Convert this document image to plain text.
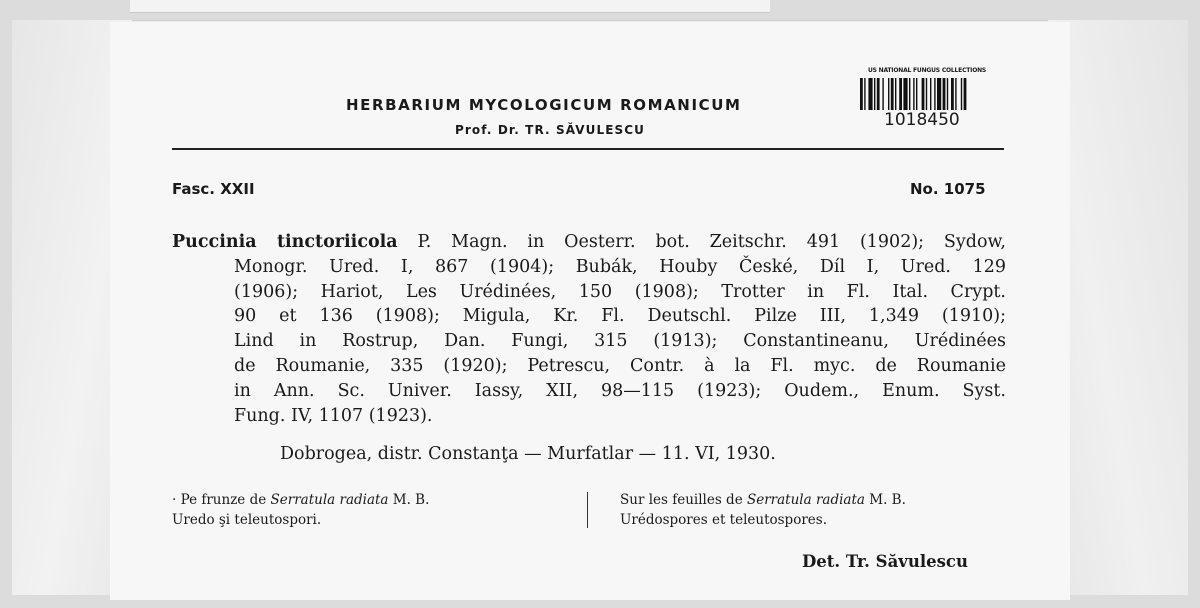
HERBARIUM MYCOLOGICUM ROMANICUM
Prof. Dr. TR. SĂVULESCU
US NATIONAL FUNGUS COLLECTIONS
1018450
Fasc. XXII	No. 1075
Puccinia tinctoriicola P. Magn. in Oesterr. bot. Zeitschr. 491 (1902); Sydow,
Monogr. Ured. I, 867 (1904); Bubák, Houby České, Díl I, Ured. 129
(1906); Hariot, Les Urédinées, 150 (1908); Trotter in Fl. Ital. Crypt.
90 et 136 (1908); Migula, Kr. Fl. Deutschl. Pilze III, 1,349 (1910);
Lind in Rostrup, Dan. Fungi, 315 (1913); Constantineanu, Urédinées
de Roumanie, 335 (1920); Petrescu, Contr. à la Fl. myc. de Roumanie
in Ann. Sc. Univer. Iassy, XII, 98—115 (1923); Oudem., Enum. Syst.
Fung. IV, 1107 (1923).
Dobrogea, distr. Constanţa — Murfatlar — 11. VI, 1930.
· Pe frunze de Serratula radiata M. B.
Uredo şi teleutospori.
Sur les feuilles de Serratula radiata M. B.
Urédospores et teleutospores.
Det. Tr. Săvulescu
